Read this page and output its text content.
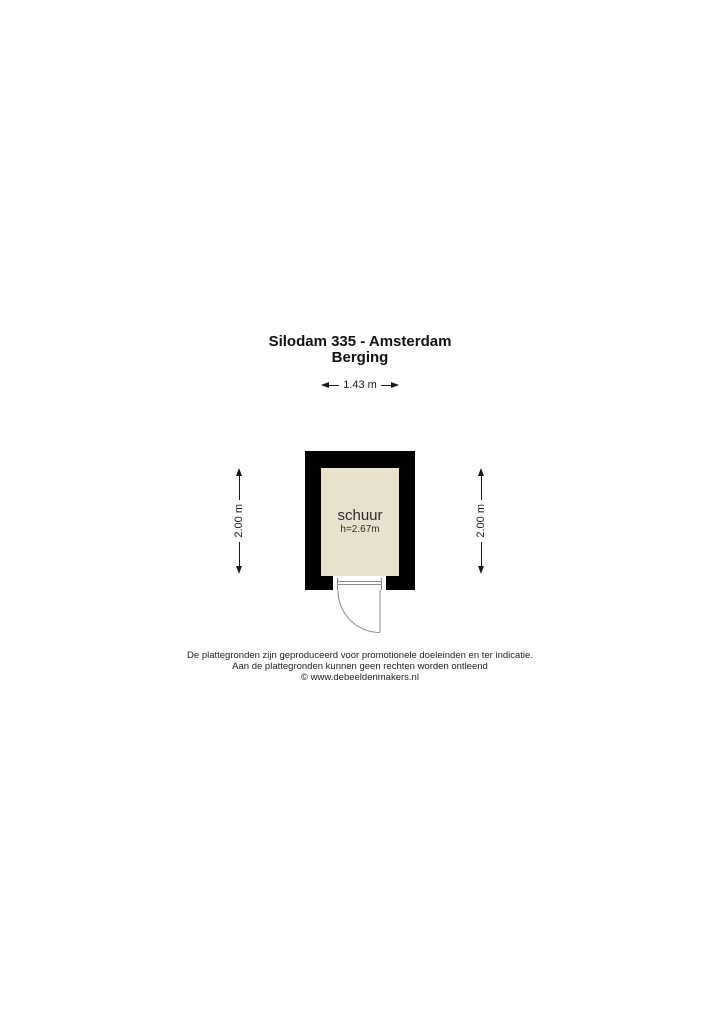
Silodam 335 - Amsterdam
Berging
1.43 m
2.00 m	2.00 m
schuur
h=2.67m
De plattegronden zijn geproduceerd voor promotionele doeleinden en ter indicatie.
Aan de plattegronden kunnen geen rechten worden ontleend
© www.debeeldenmakers.nl
